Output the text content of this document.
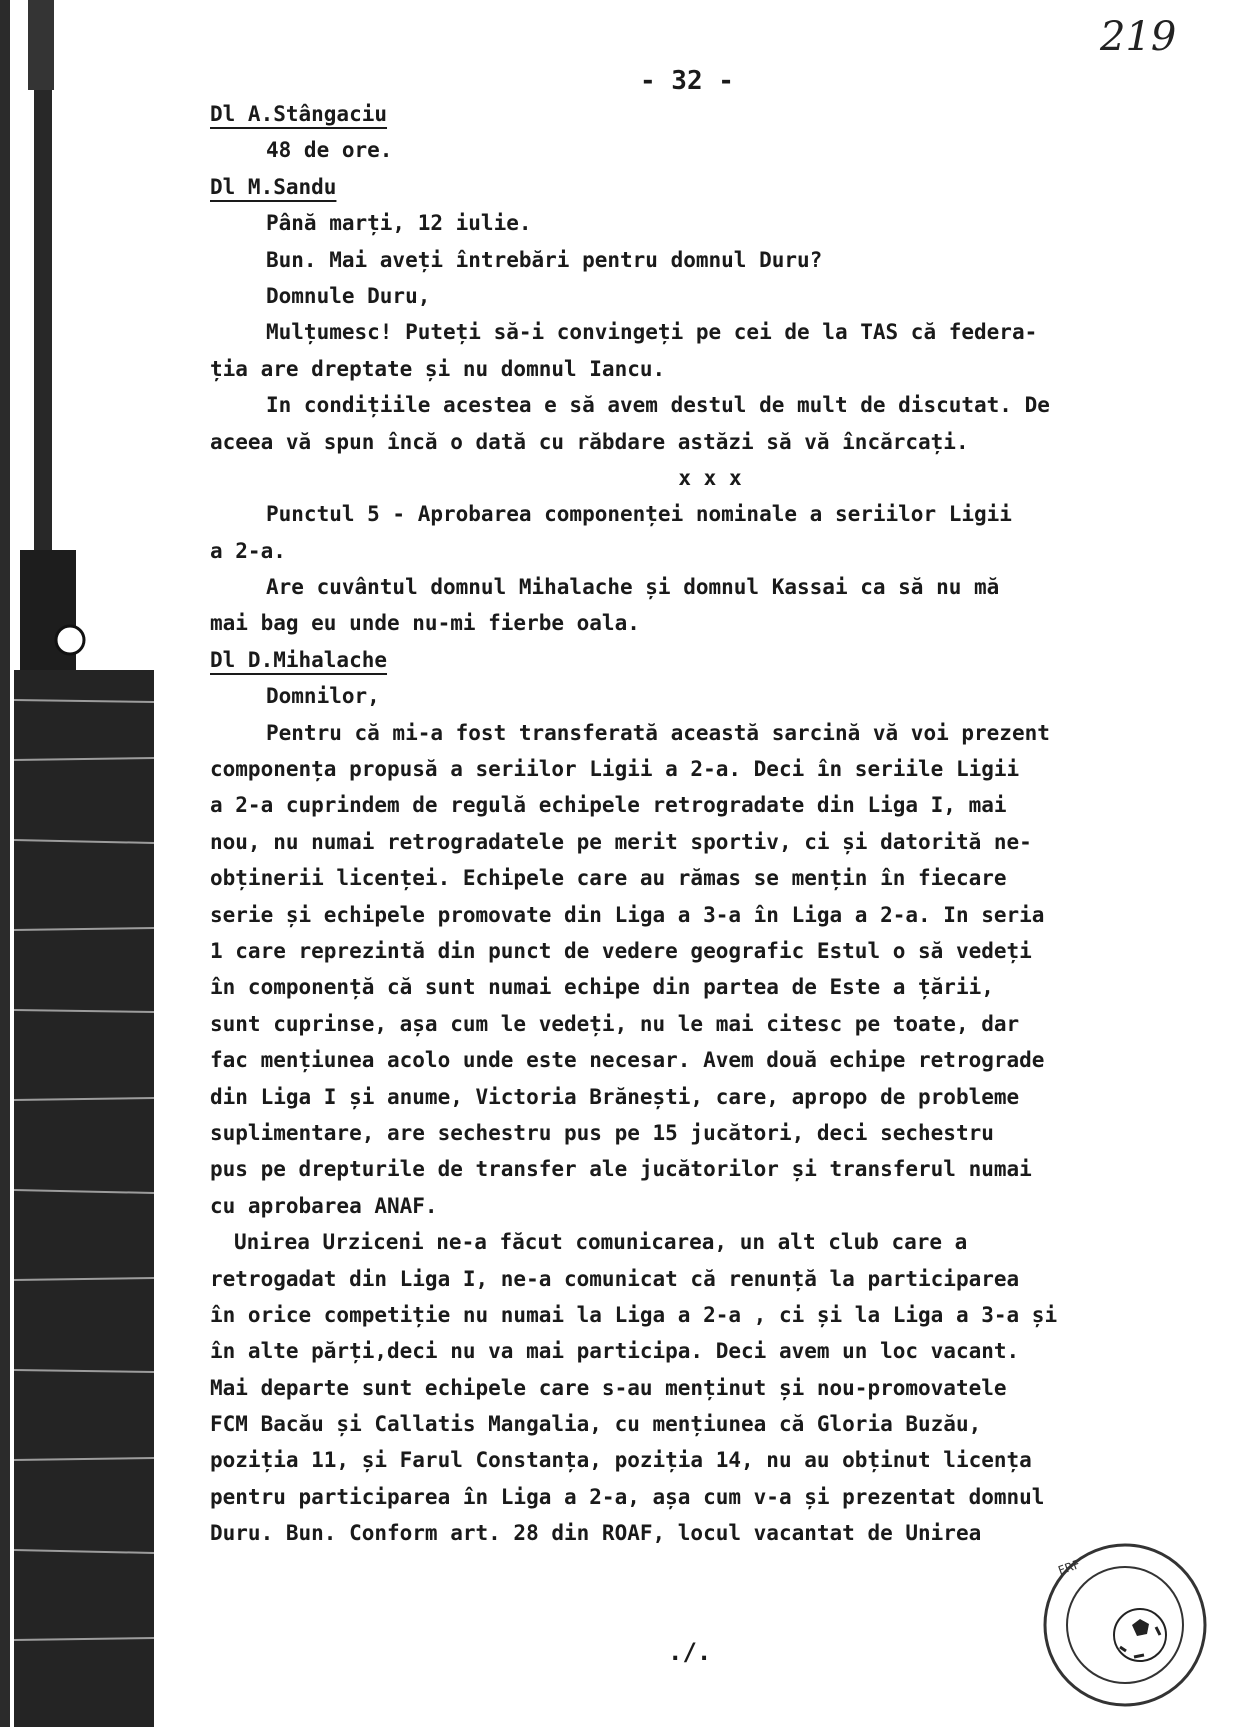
219
- 32 -
Dl A.Stângaciu
48 de ore.
Dl M.Sandu
Până marți, 12 iulie.
Bun. Mai aveți întrebări pentru domnul Duru?
Domnule Duru,
Mulțumesc! Puteți să-i convingeți pe cei de la TAS că federa-
ția are dreptate și nu domnul Iancu.
In condițiile acestea e să avem destul de mult de discutat. De
aceea vă spun încă o dată cu răbdare astăzi să vă încărcați.
x x x
Punctul 5 - Aprobarea componenței nominale a seriilor Ligii
a 2-a.
Are cuvântul domnul Mihalache și domnul Kassai ca să nu mă
mai bag eu unde nu-mi fierbe oala.
Dl D.Mihalache
Domnilor,
Pentru că mi-a fost transferată această sarcină vă voi prezent
componența propusă a seriilor Ligii a 2-a. Deci în seriile Ligii
a 2-a cuprindem de regulă echipele retrogradate din Liga I, mai
nou, nu numai retrogradatele pe merit sportiv, ci și datorită ne-
obținerii licenței. Echipele care au rămas se mențin în fiecare
serie și echipele promovate din Liga a 3-a în Liga a 2-a. In seria
1 care reprezintă din punct de vedere geografic Estul o să vedeți
în componență că sunt numai echipe din partea de Este a țării,
sunt cuprinse, așa cum le vedeți, nu le mai citesc pe toate, dar
fac mențiunea acolo unde este necesar. Avem două echipe retrograde
din Liga I și anume, Victoria Brănești, care, apropo de probleme
suplimentare, are sechestru pus pe 15 jucători, deci sechestru
pus pe drepturile de transfer ale jucătorilor și transferul numai
cu aprobarea ANAF.
Unirea Urziceni ne-a făcut comunicarea, un alt club care a
retrogadat din Liga I, ne-a comunicat că renunță la participarea
în orice competiție nu numai la Liga a 2-a , ci și la Liga a 3-a și
în alte părți,deci nu va mai participa. Deci avem un loc vacant.
Mai departe sunt echipele care s-au menținut și nou-promovatele
FCM Bacău și Callatis Mangalia, cu mențiunea că Gloria Buzău,
poziția 11, și Farul Constanța, poziția 14, nu au obținut licența
pentru participarea în Liga a 2-a, așa cum v-a și prezentat domnul
Duru. Bun. Conform art. 28 din ROAF, locul vacantat de Unirea
FRF
./.
